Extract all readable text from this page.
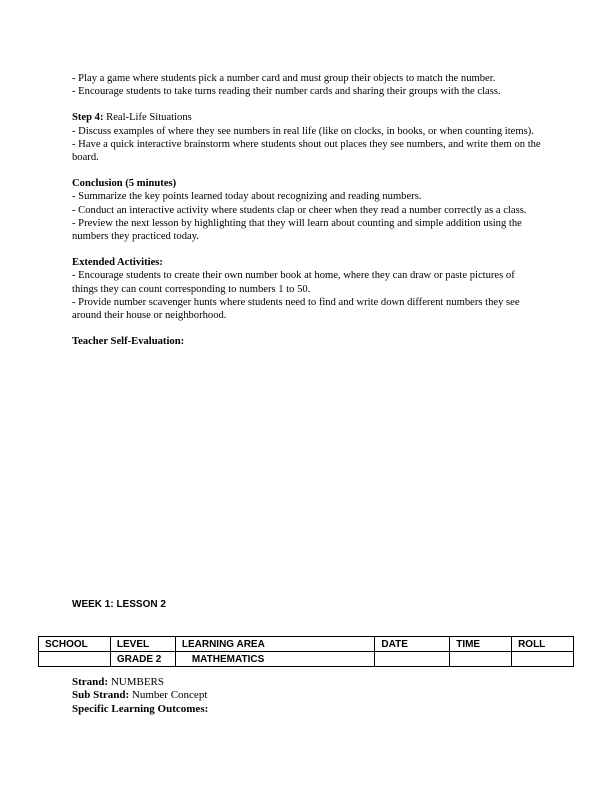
- Play a game where students pick a number card and must group their objects to match the number.

- Encourage students to take turns reading their number cards and sharing their groups with the class.

Step 4: Real-Life Situations

- Discuss examples of where they see numbers in real life (like on clocks, in books, or when counting items).

- Have a quick interactive brainstorm where students shout out places they see numbers, and write them on the board.

Conclusion (5 minutes)

- Summarize the key points learned today about recognizing and reading numbers.

- Conduct an interactive activity where students clap or cheer when they read a number correctly as a class.

- Preview the next lesson by highlighting that they will learn about counting and simple addition using the numbers they practiced today.

Extended Activities:

- Encourage students to create their own number book at home, where they can draw or paste pictures of things they can count corresponding to numbers 1 to 50.

- Provide number scavenger hunts where students need to find and write down different numbers they see around their house or neighborhood.

Teacher Self-Evaluation:

WEEK 1: LESSON 2
SCHOOL	LEVEL	LEARNING AREA	DATE	TIME	ROLL
	GRADE 2	MATHEMATICS			

Strand: NUMBERS

Sub Strand: Number Concept

Specific Learning Outcomes:
